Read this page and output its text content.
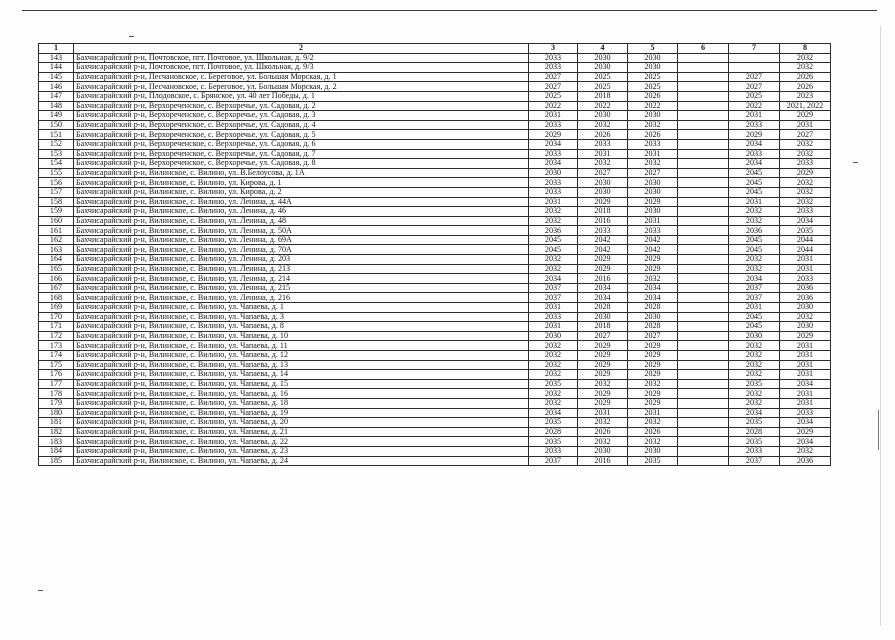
1	2	3	4	5	6	7	8
143	Бахчисарайский р-н, Почтовское, пгт. Почтовое, ул. Школьная, д. 9/2	2033	2030	2030			2032
144	Бахчисарайский р-н, Почтовское, пгт. Почтовое, ул. Школьная, д. 9/3	2033	2030	2030			2032
145	Бахчисарайский р-н, Песчановское, с. Береговое, ул. Большая Морская, д. 1	2027	2025	2025		2027	2026
146	Бахчисарайский р-н, Песчановское, с. Береговое, ул. Большая Морская, д. 2	2027	2025	2025		2027	2026
147	Бахчисарайский р-н, Плодовское, с. Брянское, ул. 40 лет Победы, д. 1	2025	2018	2026		2025	2023
148	Бахчисарайский р-н, Верхореченское, с. Верхоречье, ул. Садовая, д. 2	2022	2022	2022		2022	2021, 2022
149	Бахчисарайский р-н, Верхореченское, с. Верхоречье, ул. Садовая, д. 3	2031	2030	2030		2031	2029
150	Бахчисарайский р-н, Верхореченское, с. Верхоречье, ул. Садовая, д. 4	2033	2032	2032		2033	2031
151	Бахчисарайский р-н, Верхореченское, с. Верхоречье, ул. Садовая, д. 5	2029	2026	2026		2029	2027
152	Бахчисарайский р-н, Верхореченское, с. Верхоречье, ул. Садовая, д. 6	2034	2033	2033		2034	2032
153	Бахчисарайский р-н, Верхореченское, с. Верхоречье, ул. Садовая, д. 7	2033	2031	2031		2033	2032
154	Бахчисарайский р-н, Верхореченское, с. Верхоречье, ул. Садовая, д. 8	2034	2032	2032		2034	2033
155	Бахчисарайский р-н, Вилинское, с. Вилино, ул. В.Белоусова, д. 1А	2030	2027	2027		2045	2029
156	Бахчисарайский р-н, Вилинское, с. Вилино, ул. Кирова, д. 1	2033	2030	2030		2045	2032
157	Бахчисарайский р-н, Вилинское, с. Вилино, ул. Кирова, д. 2	2033	2030	2030		2045	2032
158	Бахчисарайский р-н, Вилинское, с. Вилино, ул. Ленина, д. 44А	2031	2029	2029		2031	2032
159	Бахчисарайский р-н, Вилинское, с. Вилино, ул. Ленина, д. 46	2032	2018	2030		2032	2033
160	Бахчисарайский р-н, Вилинское, с. Вилино, ул. Ленина, д. 48	2032	2016	2031		2032	2034
161	Бахчисарайский р-н, Вилинское, с. Вилино, ул. Ленина, д. 50А	2036	2033	2033		2036	2035
162	Бахчисарайский р-н, Вилинское, с. Вилино, ул. Ленина, д. 69А	2045	2042	2042		2045	2044
163	Бахчисарайский р-н, Вилинское, с. Вилино, ул. Ленина, д. 70А	2045	2042	2042		2045	2044
164	Бахчисарайский р-н, Вилинское, с. Вилино, ул. Ленина, д. 203	2032	2029	2029		2032	2031
165	Бахчисарайский р-н, Вилинское, с. Вилино, ул. Ленина, д. 213	2032	2029	2029		2032	2031
166	Бахчисарайский р-н, Вилинское, с. Вилино, ул. Ленина, д. 214	2034	2016	2032		2034	2033
167	Бахчисарайский р-н, Вилинское, с. Вилино, ул. Ленина, д. 215	2037	2034	2034		2037	2036
168	Бахчисарайский р-н, Вилинское, с. Вилино, ул. Ленина, д. 216	2037	2034	2034		2037	2036
169	Бахчисарайский р-н, Вилинское, с. Вилино, ул. Чапаева, д. 1	2031	2028	2028		2031	2030
170	Бахчисарайский р-н, Вилинское, с. Вилино, ул. Чапаева, д. 3	2033	2030	2030		2045	2032
171	Бахчисарайский р-н, Вилинское, с. Вилино, ул. Чапаева, д. 8	2031	2018	2028		2045	2030
172	Бахчисарайский р-н, Вилинское, с. Вилино, ул. Чапаева, д. 10	2030	2027	2027		2030	2029
173	Бахчисарайский р-н, Вилинское, с. Вилино, ул. Чапаева, д. 11	2032	2029	2029		2032	2031
174	Бахчисарайский р-н, Вилинское, с. Вилино, ул. Чапаева, д. 12	2032	2029	2029		2032	2031
175	Бахчисарайский р-н, Вилинское, с. Вилино, ул. Чапаева, д. 13	2032	2029	2029		2032	2031
176	Бахчисарайский р-н, Вилинское, с. Вилино, ул. Чапаева, д. 14	2032	2029	2029		2032	2031
177	Бахчисарайский р-н, Вилинское, с. Вилино, ул. Чапаева, д. 15	2035	2032	2032		2035	2034
178	Бахчисарайский р-н, Вилинское, с. Вилино, ул. Чапаева, д. 16	2032	2029	2029		2032	2031
179	Бахчисарайский р-н, Вилинское, с. Вилино, ул. Чапаева, д. 18	2032	2029	2029		2032	2031
180	Бахчисарайский р-н, Вилинское, с. Вилино, ул. Чапаева, д. 19	2034	2031	2031		2034	2033
181	Бахчисарайский р-н, Вилинское, с. Вилино, ул. Чапаева, д. 20	2035	2032	2032		2035	2034
182	Бахчисарайский р-н, Вилинское, с. Вилино, ул. Чапаева, д. 21	2028	2026	2026		2028	2029
183	Бахчисарайский р-н, Вилинское, с. Вилино, ул. Чапаева, д. 22	2035	2032	2032		2035	2034
184	Бахчисарайский р-н, Вилинское, с. Вилино, ул. Чапаева, д. 23	2033	2030	2030		2033	2032
185	Бахчисарайский р-н, Вилинское, с. Вилино, ул. Чапаева, д. 24	2037	2016	2035		2037	2036
